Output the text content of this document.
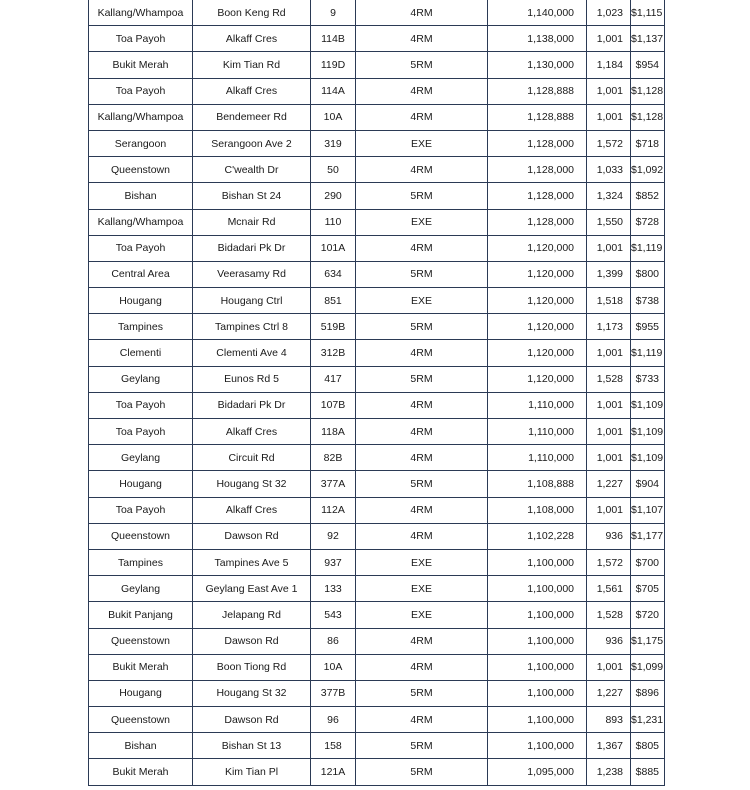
Kallang/Whampoa	Boon Keng Rd	9	4RM	1,140,000	1,023	$1,115
Toa Payoh	Alkaff Cres	114B	4RM	1,138,000	1,001	$1,137
Bukit Merah	Kim Tian Rd	119D	5RM	1,130,000	1,184	$954
Toa Payoh	Alkaff Cres	114A	4RM	1,128,888	1,001	$1,128
Kallang/Whampoa	Bendemeer Rd	10A	4RM	1,128,888	1,001	$1,128
Serangoon	Serangoon Ave 2	319	EXE	1,128,000	1,572	$718
Queenstown	C'wealth Dr	50	4RM	1,128,000	1,033	$1,092
Bishan	Bishan St 24	290	5RM	1,128,000	1,324	$852
Kallang/Whampoa	Mcnair Rd	110	EXE	1,128,000	1,550	$728
Toa Payoh	Bidadari Pk Dr	101A	4RM	1,120,000	1,001	$1,119
Central Area	Veerasamy Rd	634	5RM	1,120,000	1,399	$800
Hougang	Hougang Ctrl	851	EXE	1,120,000	1,518	$738
Tampines	Tampines Ctrl 8	519B	5RM	1,120,000	1,173	$955
Clementi	Clementi Ave 4	312B	4RM	1,120,000	1,001	$1,119
Geylang	Eunos Rd 5	417	5RM	1,120,000	1,528	$733
Toa Payoh	Bidadari Pk Dr	107B	4RM	1,110,000	1,001	$1,109
Toa Payoh	Alkaff Cres	118A	4RM	1,110,000	1,001	$1,109
Geylang	Circuit Rd	82B	4RM	1,110,000	1,001	$1,109
Hougang	Hougang St 32	377A	5RM	1,108,888	1,227	$904
Toa Payoh	Alkaff Cres	112A	4RM	1,108,000	1,001	$1,107
Queenstown	Dawson Rd	92	4RM	1,102,228	936	$1,177
Tampines	Tampines Ave 5	937	EXE	1,100,000	1,572	$700
Geylang	Geylang East Ave 1	133	EXE	1,100,000	1,561	$705
Bukit Panjang	Jelapang Rd	543	EXE	1,100,000	1,528	$720
Queenstown	Dawson Rd	86	4RM	1,100,000	936	$1,175
Bukit Merah	Boon Tiong Rd	10A	4RM	1,100,000	1,001	$1,099
Hougang	Hougang St 32	377B	5RM	1,100,000	1,227	$896
Queenstown	Dawson Rd	96	4RM	1,100,000	893	$1,231
Bishan	Bishan St 13	158	5RM	1,100,000	1,367	$805
Bukit Merah	Kim Tian Pl	121A	5RM	1,095,000	1,238	$885
